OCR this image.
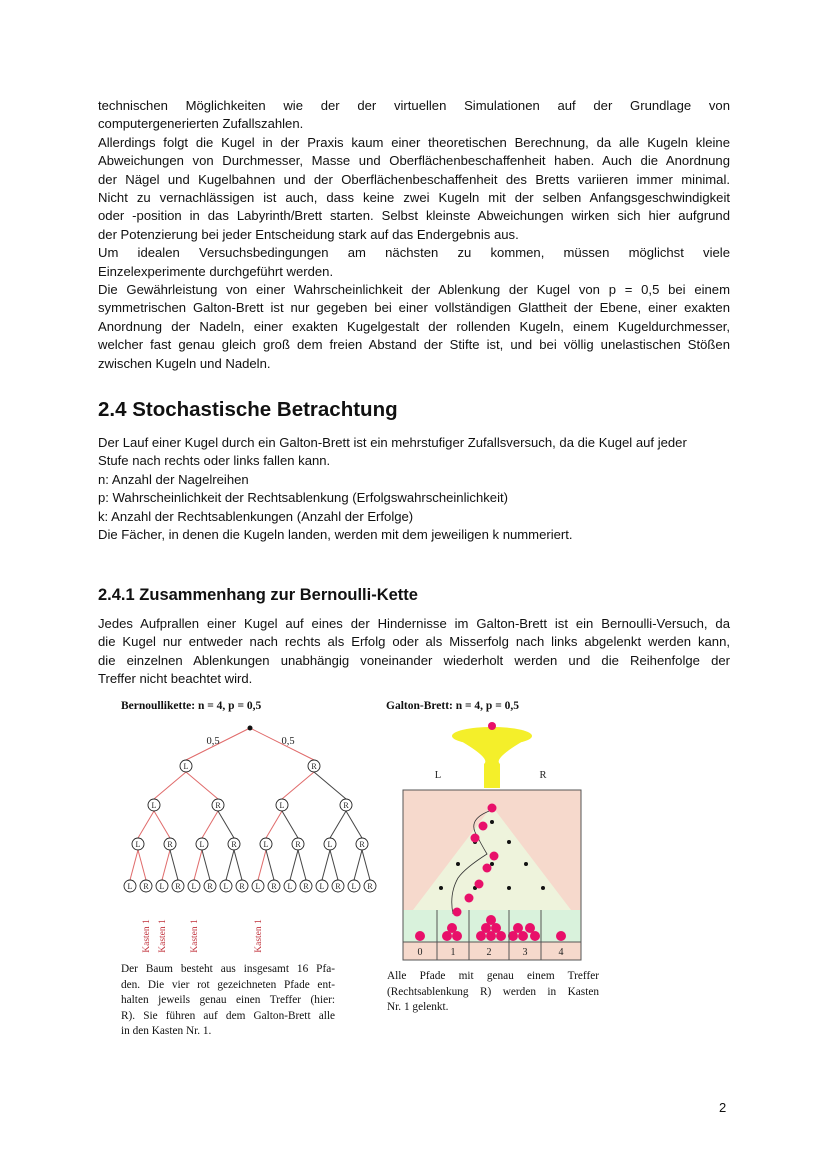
technischen Möglichkeiten wie der der virtuellen Simulationen auf der Grundlage von
computergenerierten Zufallszahlen.
Allerdings folgt die Kugel in der Praxis kaum einer theoretischen Berechnung, da alle Kugeln kleine
Abweichungen von Durchmesser, Masse und Oberflächenbeschaffenheit haben. Auch die Anordnung
der Nägel und Kugelbahnen und der Oberflächenbeschaffenheit des Bretts variieren immer minimal.
Nicht zu vernachlässigen ist auch, dass keine zwei Kugeln mit der selben Anfangsgeschwindigkeit
oder -position in das Labyrinth/Brett starten. Selbst kleinste Abweichungen wirken sich hier aufgrund
der Potenzierung bei jeder Entscheidung stark auf das Endergebnis aus.
Um idealen Versuchsbedingungen am nächsten zu kommen, müssen möglichst viele
Einzelexperimente durchgeführt werden.
Die Gewährleistung von einer Wahrscheinlichkeit der Ablenkung der Kugel von p = 0,5 bei einem
symmetrischen Galton-Brett ist nur gegeben bei einer vollständigen Glattheit der Ebene, einer exakten
Anordnung der Nadeln, einer exakten Kugelgestalt der rollenden Kugeln, einem Kugeldurchmesser,
welcher fast genau gleich groß dem freien Abstand der Stifte ist, und bei völlig unelastischen Stößen
zwischen Kugeln und Nadeln.
2.4 Stochastische Betrachtung
Der Lauf einer Kugel durch ein Galton-Brett ist ein mehrstufiger Zufallsversuch, da die Kugel auf jeder
Stufe nach rechts oder links fallen kann.
n: Anzahl der Nagelreihen
p: Wahrscheinlichkeit der Rechtsablenkung (Erfolgswahrscheinlichkeit)
k: Anzahl der Rechtsablenkungen (Anzahl der Erfolge)
Die Fächer, in denen die Kugeln landen, werden mit dem jeweiligen k nummeriert.
2.4.1 Zusammenhang zur Bernoulli-Kette
Jedes Aufprallen einer Kugel auf eines der Hindernisse im Galton-Brett ist ein Bernoulli-Versuch, da
die Kugel nur entweder nach rechts als Erfolg oder als Misserfolg nach links abgelenkt werden kann,
die einzelnen Ablenkungen unabhängig voneinander wiederholt werden und die Reihenfolge der
Treffer nicht beachtet wird.
Bernoullikette: n = 4, p = 0,5
0,5	0,5
L	R
L	R	L	R
L	R	L	R	L	R	L	R
L R L R L R L R L R L R L R L R
Kasten 1 Kasten 1 Kasten 1	Kasten 1
Der Baum besteht aus insgesamt 16 Pfa-
den. Die vier rot gezeichneten Pfade ent-
halten jeweils genau einen Treffer (hier:
R). Sie führen auf dem Galton-Brett alle
in den Kasten Nr. 1.
Galton-Brett: n = 4, p = 0,5
L	R
0	1	2	3	4
Alle Pfade mit genau einem Treffer
(Rechtsablenkung R) werden in Kasten
Nr. 1 gelenkt.
2
